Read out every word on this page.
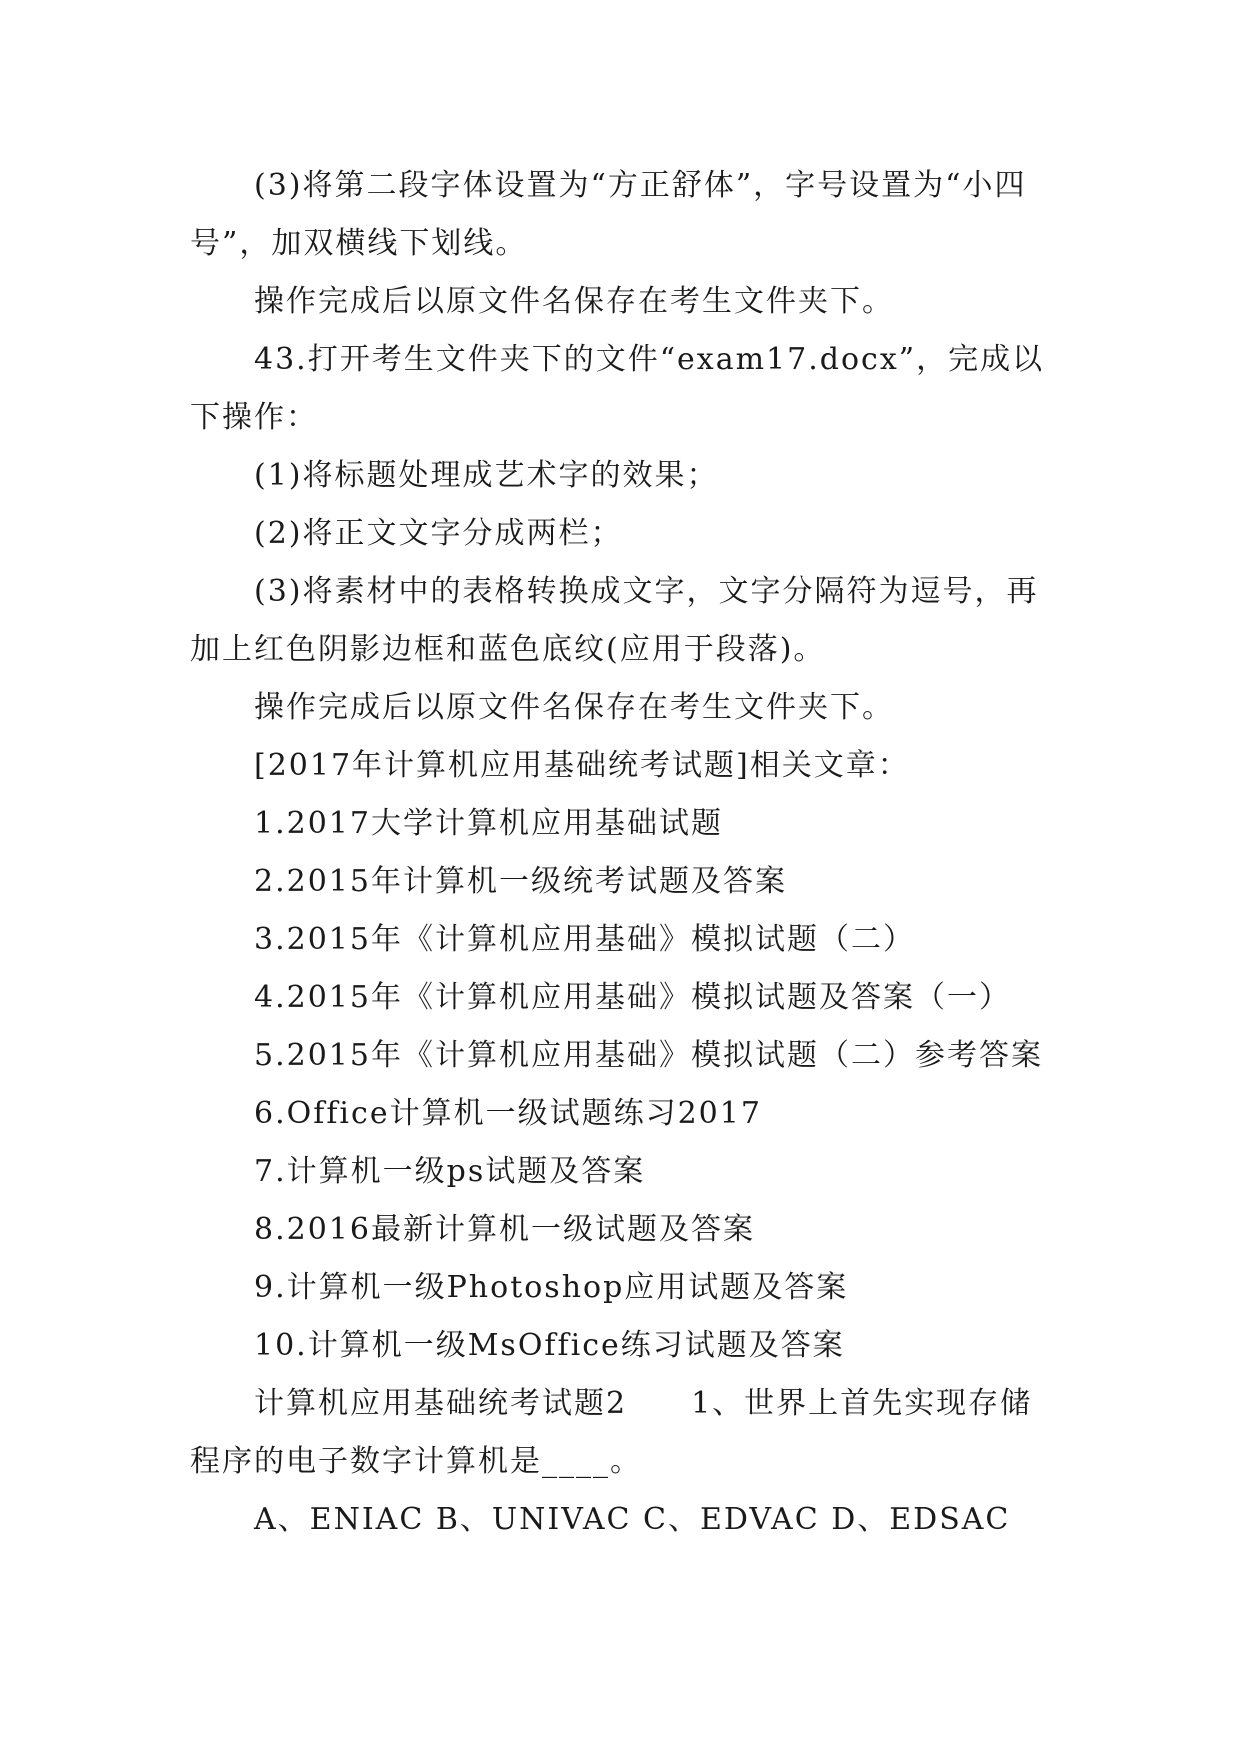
(3)将第二段字体设置为“方正舒体”，字号设置为“小四号”，加双横线下划线。

操作完成后以原文件名保存在考生文件夹下。

43.打开考生文件夹下的文件“exam17.docx”，完成以下操作：

(1)将标题处理成艺术字的效果；

(2)将正文文字分成两栏；

(3)将素材中的表格转换成文字，文字分隔符为逗号，再加上红色阴影边框和蓝色底纹(应用于段落)。

操作完成后以原文件名保存在考生文件夹下。

[2017年计算机应用基础统考试题]相关文章：

1.2017大学计算机应用基础试题

2.2015年计算机一级统考试题及答案

3.2015年《计算机应用基础》模拟试题（二）

4.2015年《计算机应用基础》模拟试题及答案（一）

5.2015年《计算机应用基础》模拟试题（二）参考答案

6.Office计算机一级试题练习2017

7.计算机一级ps试题及答案

8.2016最新计算机一级试题及答案

9.计算机一级Photoshop应用试题及答案

10.计算机一级MsOffice练习试题及答案

计算机应用基础统考试题2　　1、世界上首先实现存储程序的电子数字计算机是____。

A、ENIAC B、UNIVAC C、EDVAC D、EDSAC
